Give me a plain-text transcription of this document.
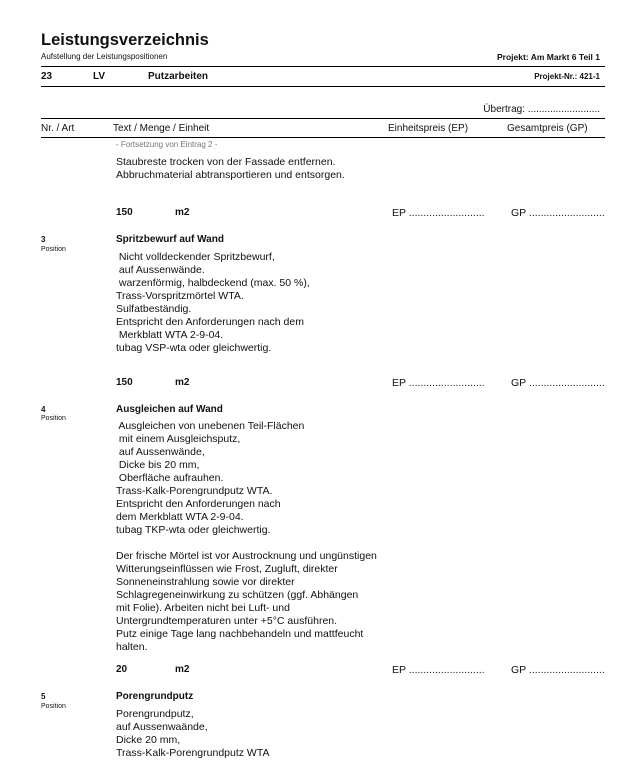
Leistungsverzeichnis
Aufstellung der Leistungspositionen	Projekt: Am Markt 6 Teil 1
23	LV	Putzarbeiten	Projekt-Nr.: 421-1
Übertrag: ..........................
Nr. / Art	Text / Menge / Einheit	Einheitspreis (EP)	Gesamtpreis (GP)
- Fortsetzung von Eintrag 2 -
Staubreste trocken von der Fassade entfernen.
Abbruchmaterial abtransportieren und entsorgen.
150	m2	EP ..........................	GP ..........................
3
Position
Spritzbewurf auf Wand
Nicht volldeckender Spritzbewurf,
auf Aussenwände.
warzenförmig, halbdeckend (max. 50 %),
Trass-Vorspritzmörtel WTA.
Sulfatbeständig.
Entspricht den Anforderungen nach dem
Merkblatt WTA 2-9-04.
tubag VSP-wta oder gleichwertig.
150	m2	EP ..........................	GP ..........................
4
Position
Ausgleichen auf Wand
Ausgleichen von unebenen Teil-Flächen
mit einem Ausgleichsputz,
auf Aussenwände,
Dicke bis 20 mm,
Oberfläche aufrauhen.
Trass-Kalk-Porengrundputz WTA.
Entspricht den Anforderungen nach
dem Merkblatt WTA 2-9-04.
tubag TKP-wta oder gleichwertig.

Der frische Mörtel ist vor Austrocknung und ungünstigen
Witterungseinflüssen wie Frost, Zugluft, direkter
Sonneneinstrahlung sowie vor direkter
Schlagregeneinwirkung zu schützen (ggf. Abhängen
mit Folie). Arbeiten nicht bei Luft- und
Untergrundtemperaturen unter +5°C ausführen.
Putz einige Tage lang nachbehandeln und mattfeucht
halten.
20	m2	EP ..........................	GP ..........................
5
Position
Porengrundputz
Porengrundputz,
auf Aussenwaände,
Dicke 20 mm,
Trass-Kalk-Porengrundputz WTA
